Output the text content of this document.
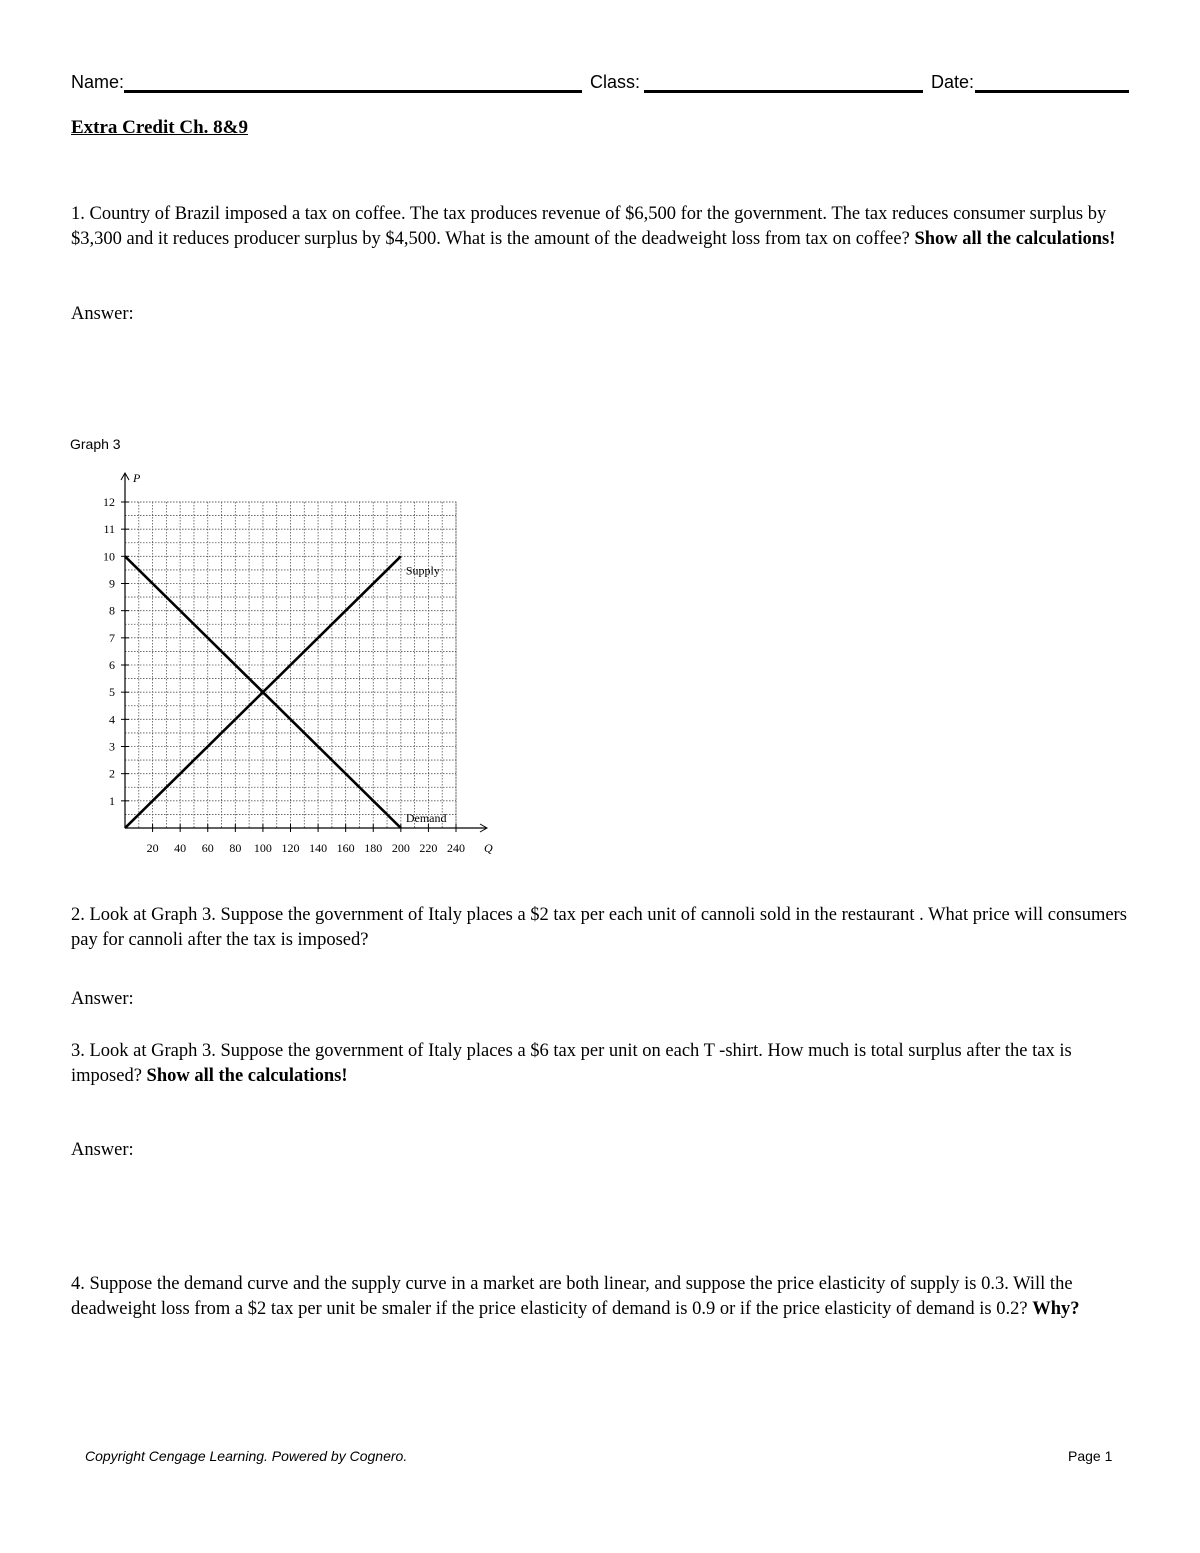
Name:	Class:	Date:
Extra Credit Ch. 8&9
1. Country of Brazil imposed a tax on coffee. The tax produces revenue of $6,500 for the government. The tax reduces consumer surplus by $3,300 and it reduces producer surplus by $4,500. What is the amount of the deadweight loss from tax on coffee? Show all the calculations!
Answer:
Graph 3
20 40 60 80 100 120 140 160 180 200 220 240
1
2
3
4
5
6
7
8
9
10
11
12
P
Q
Supply
Demand
2. Look at Graph 3. Suppose the government of Italy places a $2 tax per each unit of cannoli sold in the restaurant . What price will consumers pay for cannoli after the tax is imposed?
Answer:
3. Look at Graph 3. Suppose the government of Italy places a $6 tax per unit on each T -shirt. How much is total surplus after the tax is imposed? Show all the calculations!
Answer:
4. Suppose the demand curve and the supply curve in a market are both linear, and suppose the price elasticity of supply is 0.3. Will the deadweight loss from a $2 tax per unit be smaler if the price elasticity of demand is 0.9 or if the price elasticity of demand is 0.2? Why?
Copyright Cengage Learning. Powered by Cognero.	Page 1
